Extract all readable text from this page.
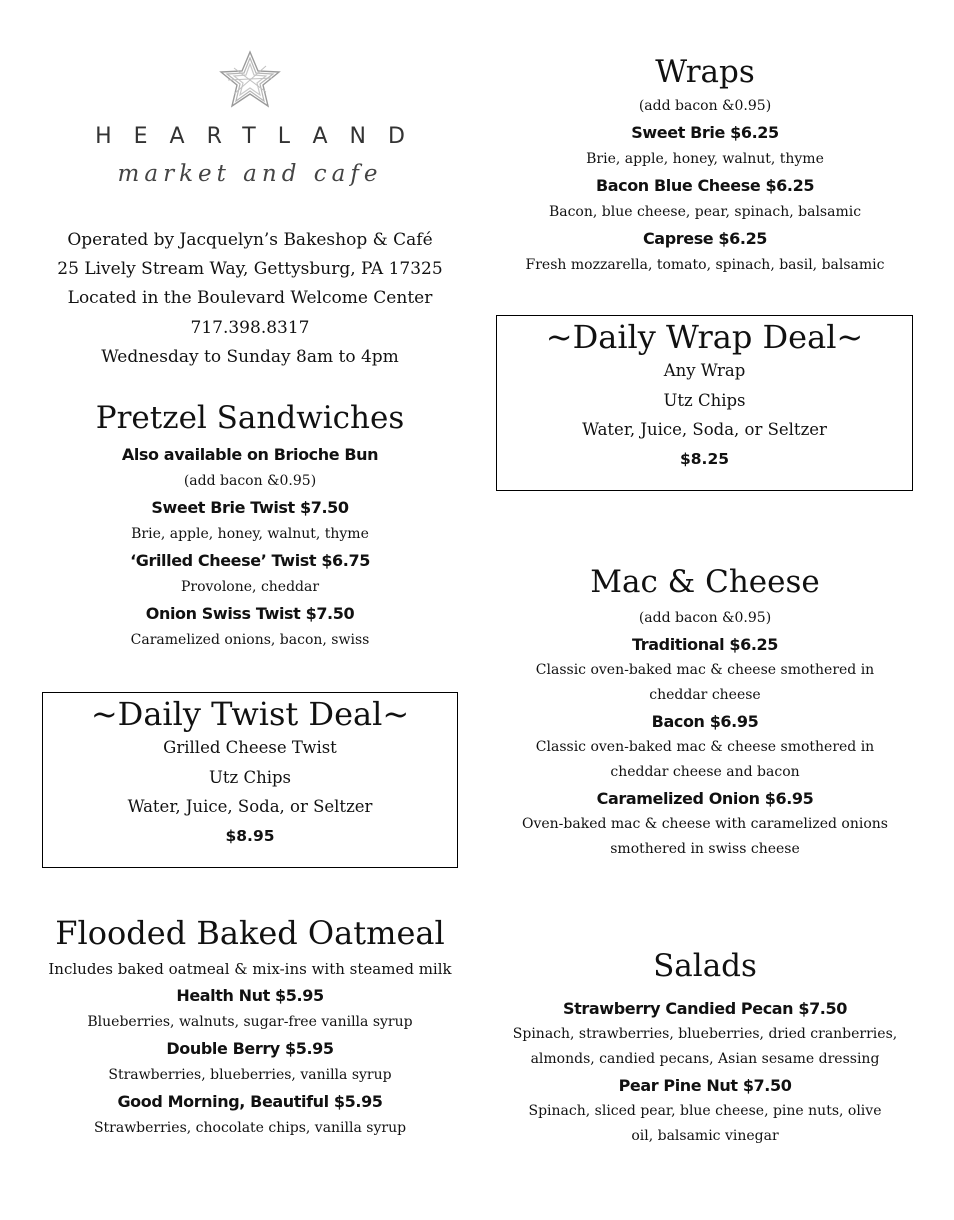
HEARTLAND
market and cafe
Operated by Jacquelyn’s Bakeshop & Café
25 Lively Stream Way, Gettysburg, PA 17325
Located in the Boulevard Welcome Center
717.398.8317
Wednesday to Sunday 8am to 4pm
Pretzel Sandwiches
Also available on Brioche Bun
(add bacon &0.95)
Sweet Brie Twist $7.50
Brie, apple, honey, walnut, thyme
‘Grilled Cheese’ Twist $6.75
Provolone, cheddar
Onion Swiss Twist $7.50
Caramelized onions, bacon, swiss
~Daily Twist Deal~
Grilled Cheese Twist
Utz Chips
Water, Juice, Soda, or Seltzer
$8.95
Flooded Baked Oatmeal
Includes baked oatmeal & mix-ins with steamed milk
Health Nut $5.95
Blueberries, walnuts, sugar-free vanilla syrup
Double Berry $5.95
Strawberries, blueberries, vanilla syrup
Good Morning, Beautiful $5.95
Strawberries, chocolate chips, vanilla syrup
Wraps
(add bacon &0.95)
Sweet Brie $6.25
Brie, apple, honey, walnut, thyme
Bacon Blue Cheese $6.25
Bacon, blue cheese, pear, spinach, balsamic
Caprese $6.25
Fresh mozzarella, tomato, spinach, basil, balsamic
~Daily Wrap Deal~
Any Wrap
Utz Chips
Water, Juice, Soda, or Seltzer
$8.25
Mac & Cheese
(add bacon &0.95)
Traditional $6.25
Classic oven-baked mac & cheese smothered in cheddar cheese
Bacon $6.95
Classic oven-baked mac & cheese smothered in cheddar cheese and bacon
Caramelized Onion $6.95
Oven-baked mac & cheese with caramelized onions smothered in swiss cheese
Salads
Strawberry Candied Pecan $7.50
Spinach, strawberries, blueberries, dried cranberries, almonds, candied pecans, Asian sesame dressing
Pear Pine Nut $7.50
Spinach, sliced pear, blue cheese, pine nuts, olive oil, balsamic vinegar
